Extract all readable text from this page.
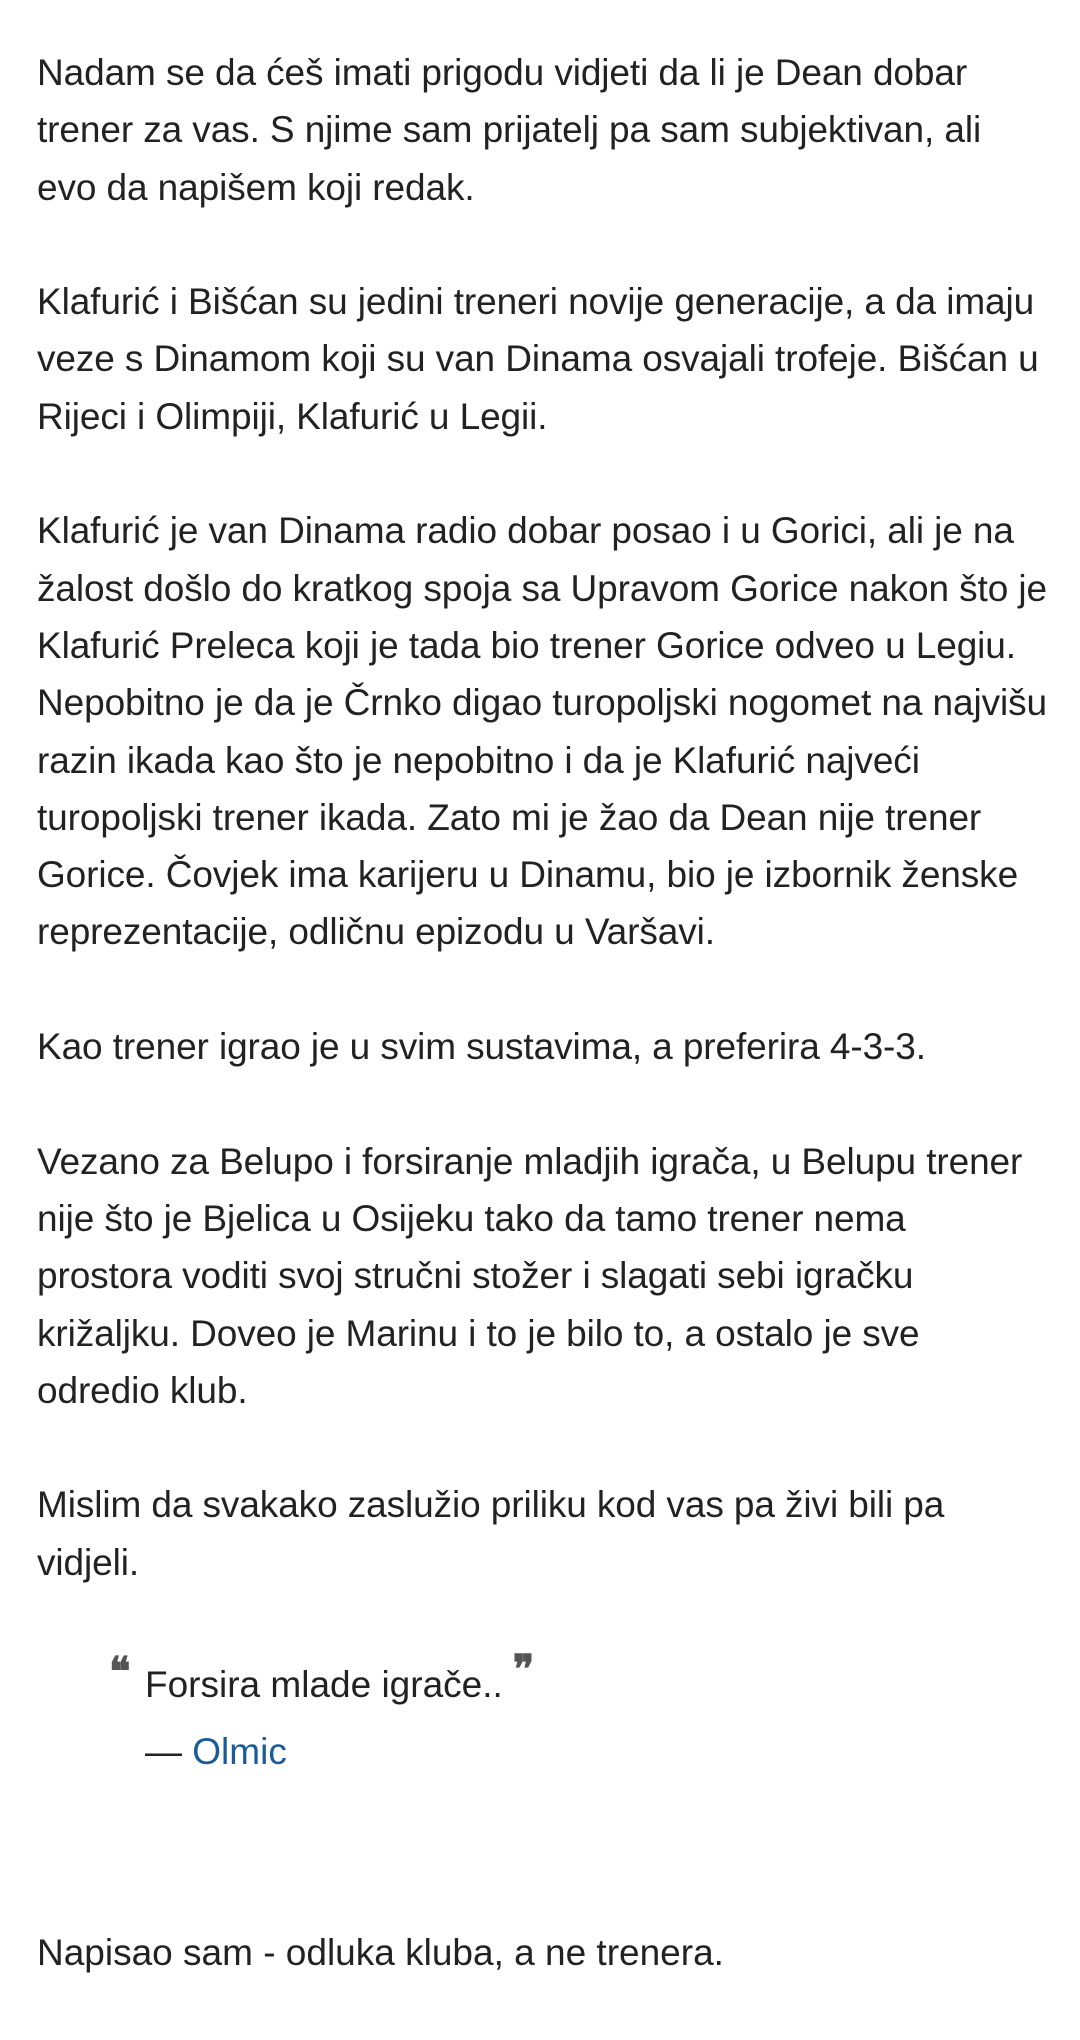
Nadam se da ćeš imati prigodu vidjeti da li je Dean dobar trener za vas. S njime sam prijatelj pa sam subjektivan, ali evo da napišem koji redak.

Klafurić i Bišćan su jedini treneri novije generacije, a da imaju veze s Dinamom koji su van Dinama osvajali trofeje. Bišćan u Rijeci i Olimpiji, Klafurić u Legii.

Klafurić je van Dinama radio dobar posao i u Gorici, ali je na žalost došlo do kratkog spoja sa Upravom Gorice nakon što je Klafurić Preleca koji je tada bio trener Gorice odveo u Legiu. Nepobitno je da je Črnko digao turopoljski nogomet na najvišu razin ikada kao što je nepobitno i da je Klafurić najveći turopoljski trener ikada. Zato mi je žao da Dean nije trener Gorice. Čovjek ima karijeru u Dinamu, bio je izbornik ženske reprezentacije, odličnu epizodu u Varšavi.

Kao trener igrao je u svim sustavima, a preferira 4-3-3.

Vezano za Belupo i forsiranje mladjih igrača, u Belupu trener nije što je Bjelica u Osijeku tako da tamo trener nema prostora voditi svoj stručni stožer i slagati sebi igračku križaljku. Doveo je Marinu i to je bilo to, a ostalo je sve odredio klub.

Mislim da svakako zaslužio priliku kod vas pa živi bili pa vidjeli.

❝ Forsira mlade igrače.. ❞
— Olmic

Napisao sam - odluka kluba, a ne trenera.
